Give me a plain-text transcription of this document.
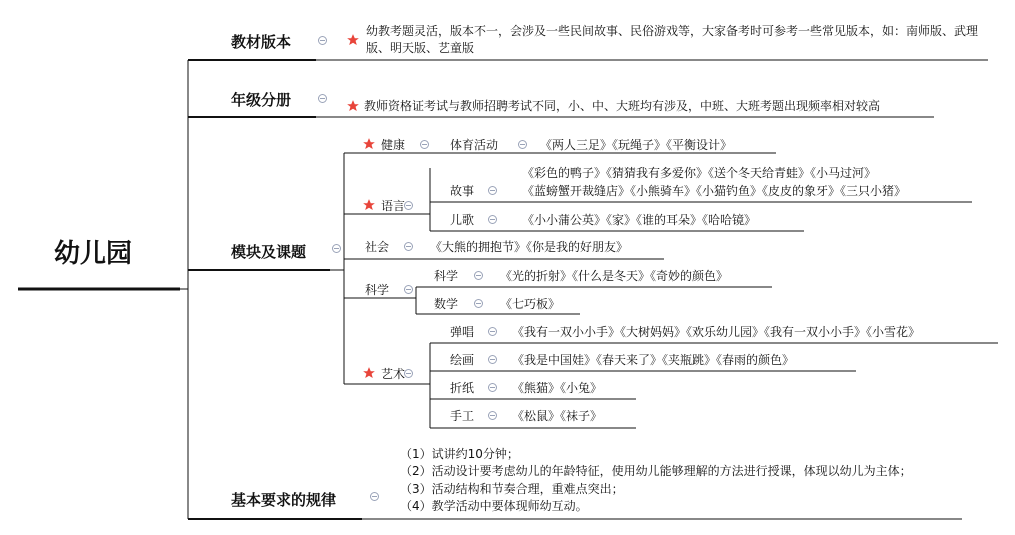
幼儿园
教材版本
幼教考题灵活，版本不一，会涉及一些民间故事、民俗游戏等，大家备考时可参考一些常见版本，如：南师版、武理版、明天版、艺童版
年级分册	教师资格证考试与教师招聘考试不同，小、中、大班均有涉及，中班、大班考题出现频率相对较高
模块及课题
健康	体育活动	《两人三足》《玩绳子》《平衡设计》
语言
故事
《彩色的鸭子》《猜猜我有多爱你》《送个冬天给青蛙》《小马过河》
《蓝螃蟹开裁缝店》《小熊骑车》《小猫钓鱼》《皮皮的象牙》《三只小猪》
儿歌	《小小蒲公英》《家》《谁的耳朵》《哈哈镜》
社会	《大熊的拥抱节》《你是我的好朋友》
科学
科学	《光的折射》《什么是冬天》《奇妙的颜色》
数学	《七巧板》
艺术
弹唱	《我有一双小小手》《大树妈妈》《欢乐幼儿园》《我有一双小小手》《小雪花》
绘画	《我是中国娃》《春天来了》《夹瓶跳》《春雨的颜色》
折纸	《熊猫》《小兔》
手工	《松鼠》《袜子》
基本要求的规律
（1）试讲约10分钟；
（2）活动设计要考虑幼儿的年龄特征，使用幼儿能够理解的方法进行授课，体现以幼儿为主体；
（3）活动结构和节奏合理，重难点突出；
（4）教学活动中要体现师幼互动。
